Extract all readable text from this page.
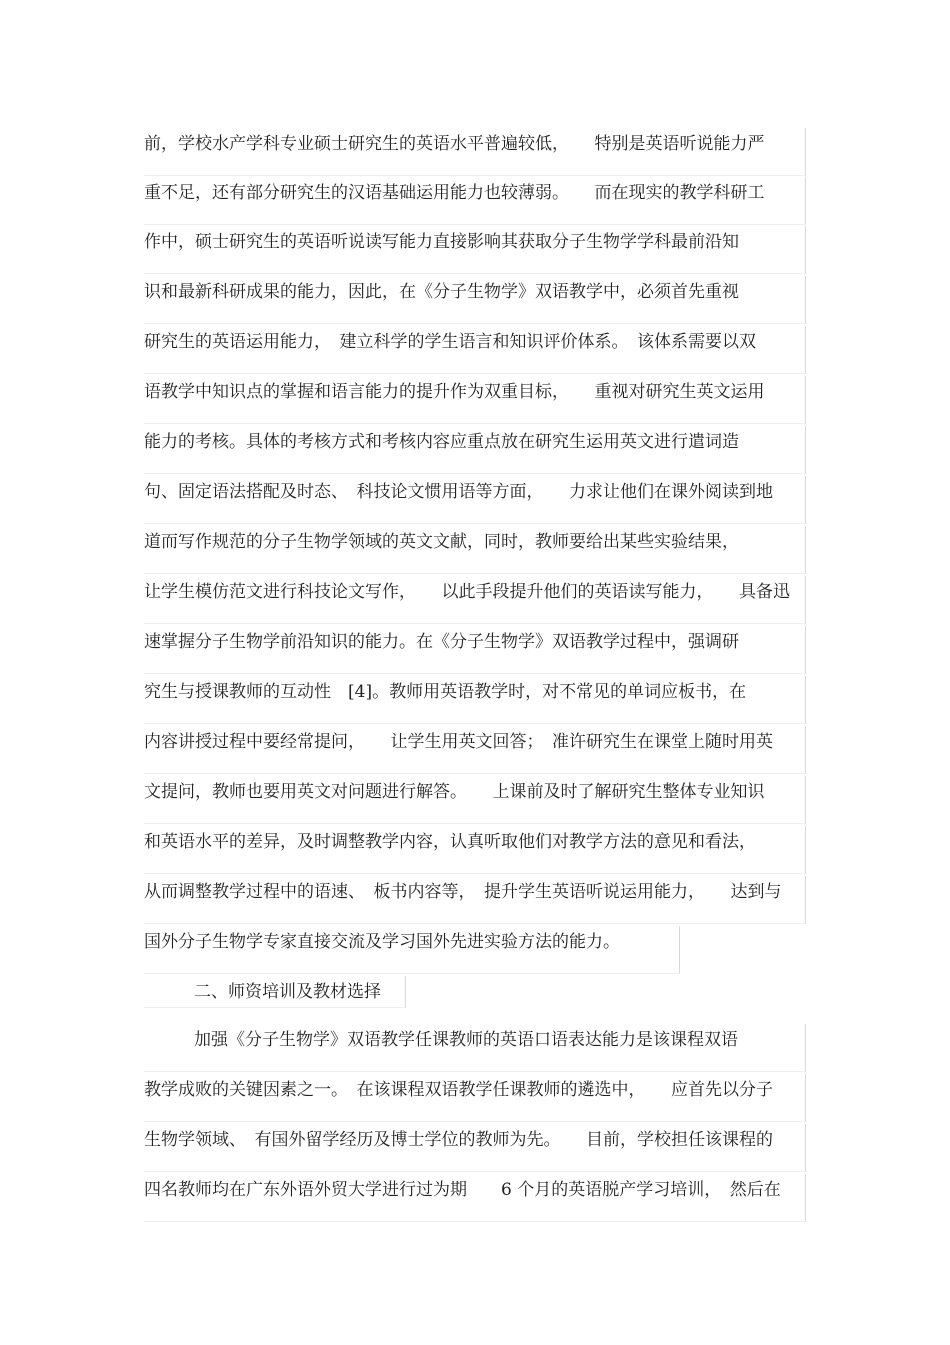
前，学校水产学科专业硕士研究生的英语水平普遍较低，　　特别是英语听说能力严
重不足，还有部分研究生的汉语基础运用能力也较薄弱。　　而在现实的教学科研工
作中，硕士研究生的英语听说读写能力直接影响其获取分子生物学学科最前沿知
识和最新科研成果的能力，因此，在《分子生物学》双语教学中，必须首先重视
研究生的英语运用能力，　建立科学的学生语言和知识评价体系。　该体系需要以双
语教学中知识点的掌握和语言能力的提升作为双重目标，　　重视对研究生英文运用
能力的考核。具体的考核方式和考核内容应重点放在研究生运用英文进行遣词造
句、固定语法搭配及时态、　科技论文惯用语等方面，　　力求让他们在课外阅读到地
道而写作规范的分子生物学领域的英文文献，同时，教师要给出某些实验结果，
让学生模仿范文进行科技论文写作，　　以此手段提升他们的英语读写能力，　　具备迅
速掌握分子生物学前沿知识的能力。在《分子生物学》双语教学过程中，强调研
究生与授课教师的互动性　[4]。教师用英语教学时，对不常见的单词应板书，在
内容讲授过程中要经常提问，　　让学生用英文回答；　准许研究生在课堂上随时用英
文提问，教师也要用英文对问题进行解答。　　上课前及时了解研究生整体专业知识
和英语水平的差异，及时调整教学内容，认真听取他们对教学方法的意见和看法，
从而调整教学过程中的语速、　板书内容等，　提升学生英语听说运用能力，　　达到与
国外分子生物学专家直接交流及学习国外先进实验方法的能力。
二、师资培训及教材选择
加强《分子生物学》双语教学任课教师的英语口语表达能力是该课程双语
教学成败的关键因素之一。　在该课程双语教学任课教师的遴选中，　　应首先以分子
生物学领域、　有国外留学经历及博士学位的教师为先。　　目前，学校担任该课程的
四名教师均在广东外语外贸大学进行过为期　　6 个月的英语脱产学习培训，　然后在
